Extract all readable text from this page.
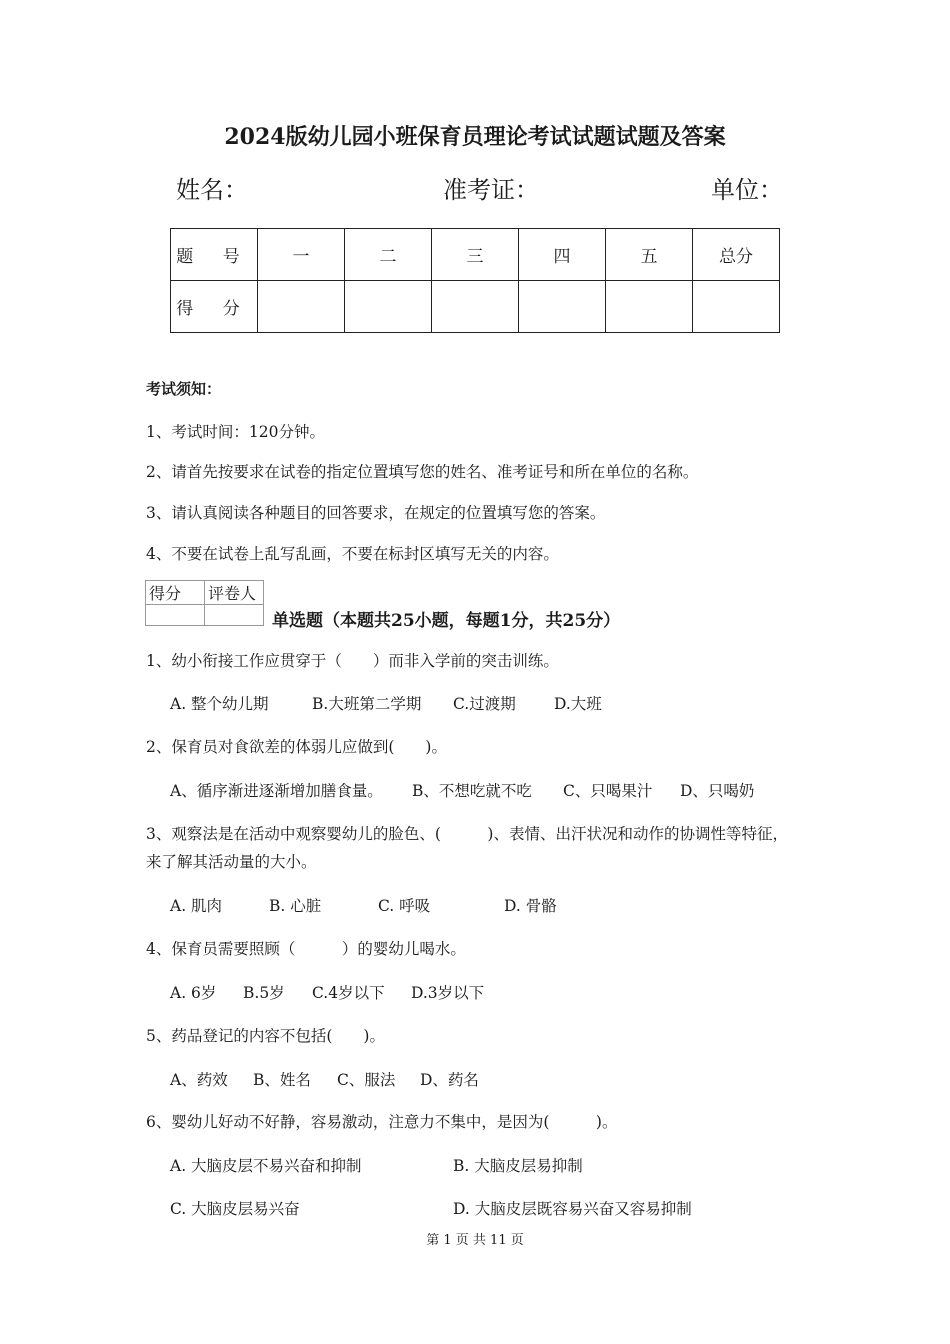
2024版幼儿园小班保育员理论考试试题试题及答案
姓名：	准考证：	单位：
题 号	一	二	三	四	五	总分
得 分						
考试须知：
1、考试时间：120分钟。
2、请首先按要求在试卷的指定位置填写您的姓名、准考证号和所在单位的名称。
3、请认真阅读各种题目的回答要求，在规定的位置填写您的答案。
4、不要在试卷上乱写乱画，不要在标封区填写无关的内容。
得分	评卷人

单选题（本题共25小题，每题1分，共25分）
1、幼小衔接工作应贯穿于（　　）而非入学前的突击训练。
A. 整个幼儿期	B.大班第二学期 C.过渡期 D.大班
2、保育员对食欲差的体弱儿应做到(　　)。
A、循序渐进逐渐增加膳食量。 B、不想吃就不吃 C、只喝果汁 D、只喝奶
3、观察法是在活动中观察婴幼儿的脸色、(　　　)、表情、出汗状况和动作的协调性等特征，
来了解其活动量的大小。
A. 肌肉	B. 心脏	C. 呼吸	D. 骨骼
4、保育员需要照顾（　　　）的婴幼儿喝水。
A. 6岁 B.5岁 C.4岁以下 D.3岁以下
5、药品登记的内容不包括(　　)。
A、药效 B、姓名 C、服法 D、药名
6、婴幼儿好动不好静，容易激动，注意力不集中，是因为(　　　)。
A. 大脑皮层不易兴奋和抑制	B. 大脑皮层易抑制
C. 大脑皮层易兴奋	D. 大脑皮层既容易兴奋又容易抑制
第 1 页 共 11 页
